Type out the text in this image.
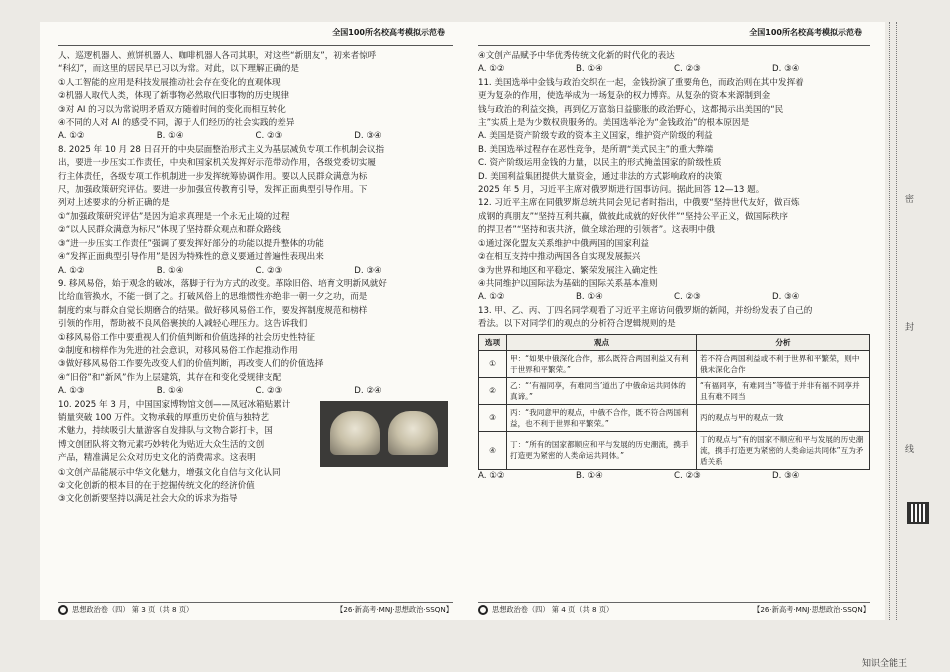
全国100所名校高考模拟示范卷

人、巡逻机器人、煎饼机器人、咖啡机器人各司其职，对这些“新朋友”，初来者惊呼

“科幻”，而这里的居民早已习以为常。对此，以下理解正确的是

①人工智能的应用是科技发展推动社会存在变化的直观体现

②机器人取代人类，体现了新事物必然取代旧事物的历史规律

③对 AI 的习以为常说明矛盾双方随着时间的变化而相互转化

④不同的人对 AI 的感受不同，源于人们经历的社会实践的差异

A. ①②	B. ①④	C. ②③	D. ③④

8. 2025 年 10 月 28 日召开的中央层面整治形式主义为基层减负专项工作机制会议指

出，要进一步压实工作责任，中央和国家机关发挥好示范带动作用，各级党委切实履

行主体责任，各级专项工作机制进一步发挥统筹协调作用。要以人民群众满意为标

尺，加强政策研究评估。要进一步加强宣传教育引导，发挥正面典型引导作用。下

列对上述要求的分析正确的是

①“加强政策研究评估”是因为追求真理是一个永无止境的过程

②“以人民群众满意为标尺”体现了坚持群众观点和群众路线

③“进一步压实工作责任”强调了要发挥好部分的功能以提升整体的功能

④“发挥正面典型引导作用”是因为特殊性的意义要通过普遍性表现出来

A. ①②	B. ①④	C. ②③	D. ③④

9. 移风易俗，始于观念的破冰，落脚于行为方式的改变。革除旧俗、培育文明新风就好

比给血管换水，不能一倒了之。打破风俗上的思维惯性亦绝非一朝一夕之功，而是

制度约束与群众自觉长期磨合的结果。做好移风易俗工作，要发挥制度规范和榜样

引领的作用，帮助被不良风俗裹挟的人减轻心理压力。这告诉我们

①移风易俗工作中要重视人们价值判断和价值选择的社会历史性特征

②制度和榜样作为先进的社会意识，对移风易俗工作起推动作用

③做好移风易俗工作要先改变人们的价值判断，再改变人们的价值选择

④“旧俗”和“新风”作为上层建筑，其存在和变化受规律支配

A. ①③	B. ①④	C. ②③	D. ②④

10. 2025 年 3 月，中国国家博物馆文创——凤冠冰箱贴累计

销量突破 100 万件。文物承载的厚重历史价值与独特艺

术魅力，持续吸引大量游客自发排队与文物合影打卡，国

博文创团队将文物元素巧妙转化为贴近大众生活的文创

产品，精准满足公众对历史文化的消费需求。这表明

①文创产品能展示中华文化魅力，增强文化自信与文化认同

②文化创新的根本目的在于挖掘传统文化的经济价值

③文化创新要坚持以满足社会大众的诉求为指导

思想政治卷（四） 第 3 页（共 8 页）	【26·新高考·MNJ·思想政治·SSQN】
全国100所名校高考模拟示范卷

④文创产品赋予中华优秀传统文化新的时代化的表达

A. ①②	B. ①④	C. ②③	D. ③④

11. 美国选举中金钱与政治交织在一起，金钱扮演了重要角色，而政治则在其中发挥着

更为复杂的作用，使选举成为一场复杂的权力博弈。从复杂的资本来源制到金

钱与政治的利益交换，再到亿万富翁日益膨胀的政治野心，这都揭示出美国的“民

主”实质上是为少数权贵服务的。美国选举沦为“金钱政治”的根本原因是

A. 美国是资产阶级专政的资本主义国家，维护资产阶级的利益

B. 美国选举过程存在恶性竞争，是所谓“美式民主”的重大弊端

C. 资产阶级运用金钱的力量，以民主的形式掩盖国家的阶级性质

D. 美国利益集团提供大量资金，通过非法的方式影响政府的决策

2025 年 5 月，习近平主席对俄罗斯进行国事访问。据此回答 12—13 题。

12. 习近平主席在同俄罗斯总统共同会见记者时指出，中俄要“坚持世代友好，做百炼

成钢的真朋友”“坚持互利共赢，做彼此成就的好伙伴”“坚持公平正义，做国际秩序

的捍卫者”“坚持和衷共济，做全球治理的引领者”。这表明中俄

①通过深化盟友关系维护中俄两国的国家利益

②在相互支持中推动两国各自实现发展振兴

③为世界和地区和平稳定、繁荣发展注入确定性

④共同维护以国际法为基础的国际关系基本准则

A. ①②	B. ①④	C. ②③	D. ③④

13. 甲、乙、丙、丁四名同学观看了习近平主席访问俄罗斯的新闻，并纷纷发表了自己的

看法。以下对同学们的观点的分析符合逻辑规则的是

选项	观点	分析
①	甲：“如果中俄深化合作，那么既符合两国利益又有利于世界和平繁荣。”	若不符合两国利益或不利于世界和平繁荣，则中俄未深化合作
②	乙：“‘有福同享，有难同当’道出了中俄命运共同体的真谛。”	“有福同享，有难同当”等值于并非有福不同享并且有难不同当
③	丙：“我同意甲的观点，中俄不合作，既不符合两国利益，也不利于世界和平繁荣。”	丙的观点与甲的观点一致
④	丁：“所有的国家都顺应和平与发展的历史潮流，携手打造更为紧密的人类命运共同体。”	丁的观点与“有的国家不顺应和平与发展的历史潮流，携手打造更为紧密的人类命运共同体”互为矛盾关系
A. ①②	B. ①④	C. ②③	D. ③④
思想政治卷（四） 第 4 页（共 8 页）	【26·新高考·MNJ·思想政治·SSQN】
密
封
线
知识全能王
